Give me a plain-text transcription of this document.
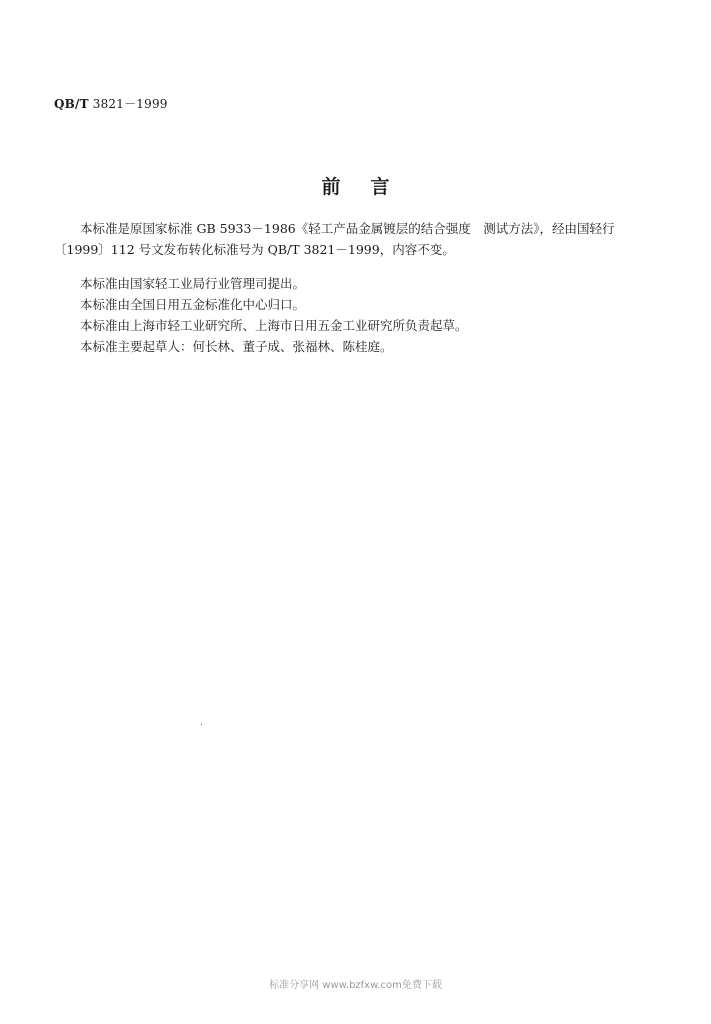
QB/T 3821－1999
前 言
本标准是原国家标准 GB 5933－1986《轻工产品金属镀层的结合强度　测试方法》，经由国轻行
〔1999〕112 号文发布转化标准号为 QB/T 3821－1999，内容不变。
本标准由国家轻工业局行业管理司提出。
本标准由全国日用五金标准化中心归口。
本标准由上海市轻工业研究所、上海市日用五金工业研究所负责起草。
本标准主要起草人：何长林、董子成、张福林、陈桂庭。
标准分享网 www.bzfxw.com免费下载
